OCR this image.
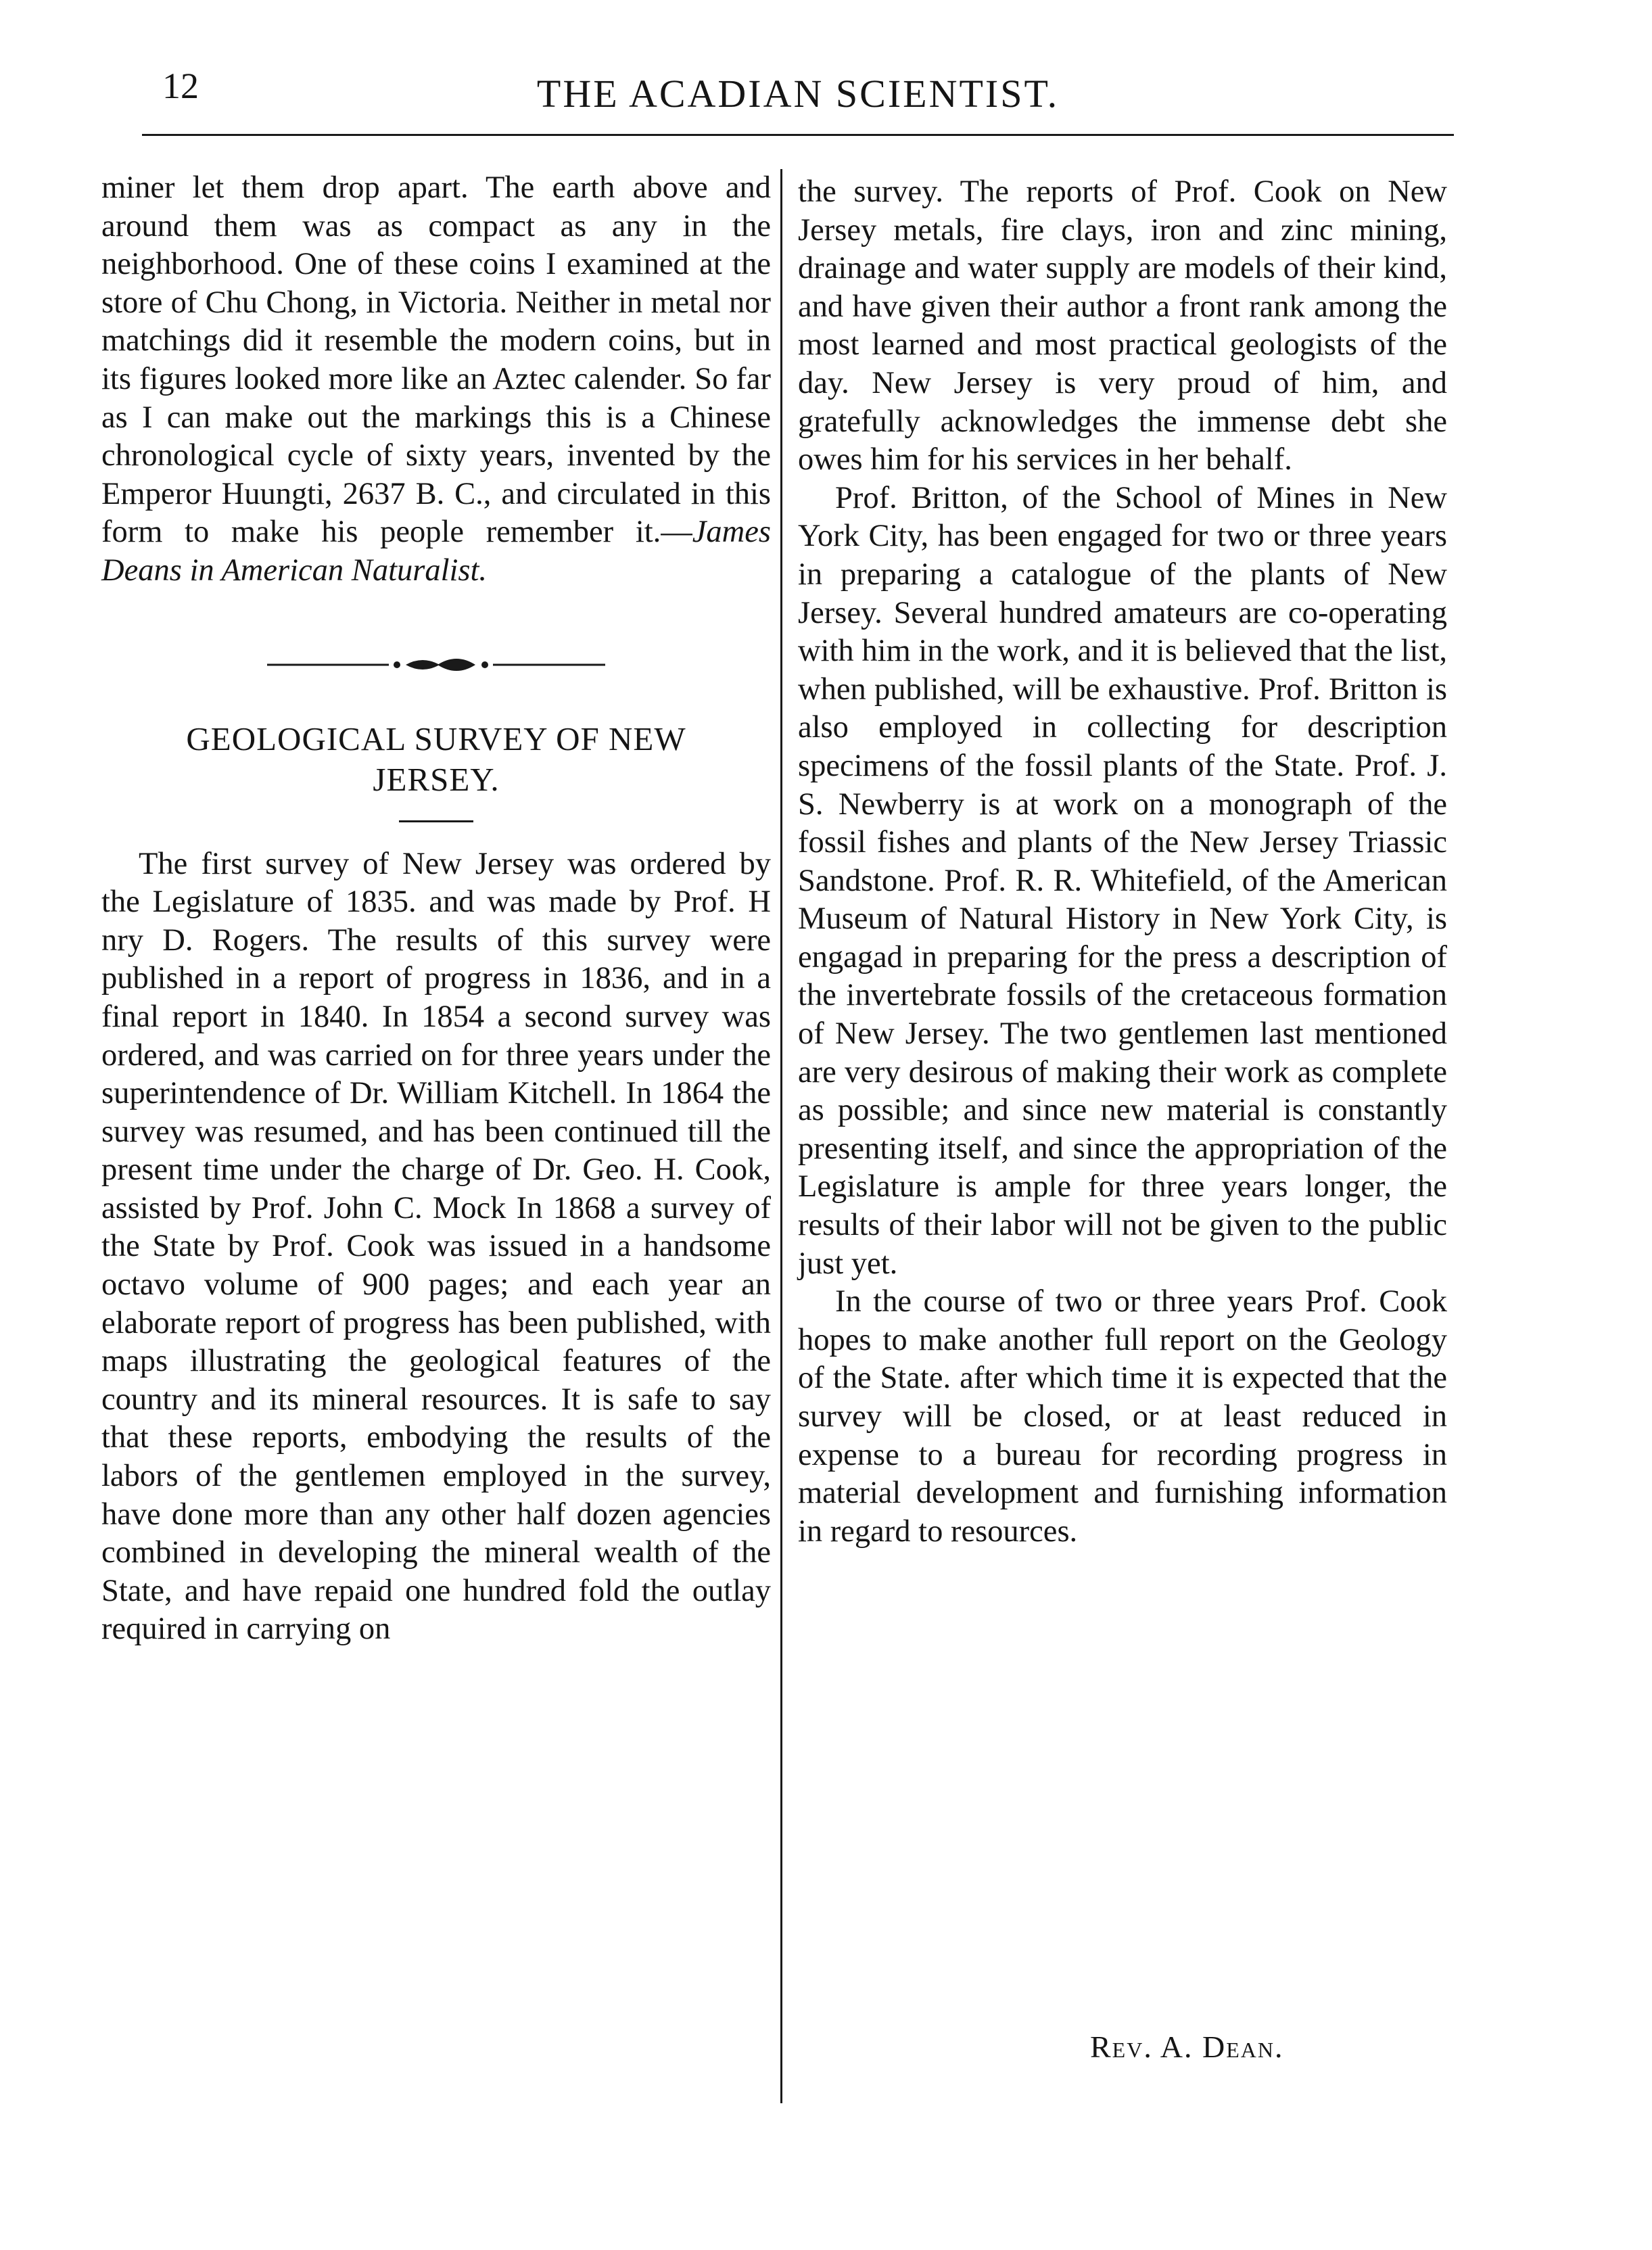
12	THE ACADIAN SCIENTIST.

miner let them drop apart. The earth above and around them was as compact as any in the neighborhood. One of these coins I examined at the store of Chu Chong, in Victoria. Neither in metal nor matchings did it resemble the modern coins, but in its figures looked more like an Aztec calender. So far as I can make out the markings this is a Chinese chronological cycle of sixty years, invented by the Emperor Huungti, 2637 B. C., and circulated in this form to make his people remember it.—James Deans in American Naturalist.

GEOLOGICAL SURVEY OF NEW
JERSEY.

The first survey of New Jersey was ordered by the Legislature of 1835. and was made by Prof. H nry D. Rogers. The results of this survey were published in a report of progress in 1836, and in a final report in 1840. In 1854 a second survey was ordered, and was carried on for three years under the superintendence of Dr. William Kitchell. In 1864 the survey was resumed, and has been continued till the present time under the charge of Dr. Geo. H. Cook, assisted by Prof. John C. Mock In 1868 a survey of the State by Prof. Cook was issued in a handsome octavo volume of 900 pages; and each year an elaborate report of progress has been published, with maps illustrating the geological features of the country and its mineral resources. It is safe to say that these reports, embodying the results of the labors of the gentlemen employed in the survey, have done more than any other half dozen agencies combined in developing the mineral wealth of the State, and have repaid one hundred fold the outlay required in carrying on

the survey. The reports of Prof. Cook on New Jersey metals, fire clays, iron and zinc mining, drainage and water supply are models of their kind, and have given their author a front rank among the most learned and most practical geologists of the day. New Jersey is very proud of him, and gratefully acknowledges the immense debt she owes him for his services in her behalf.

Prof. Britton, of the School of Mines in New York City, has been engaged for two or three years in preparing a catalogue of the plants of New Jersey. Several hundred amateurs are co-operating with him in the work, and it is believed that the list, when published, will be exhaustive. Prof. Britton is also employed in collecting for description specimens of the fossil plants of the State. Prof. J. S. Newberry is at work on a monograph of the fossil fishes and plants of the New Jersey Triassic Sandstone. Prof. R. R. Whitefield, of the American Museum of Natural History in New York City, is engagad in preparing for the press a description of the invertebrate fossils of the cretaceous formation of New Jersey. The two gentlemen last mentioned are very desirous of making their work as complete as possible; and since new material is constantly presenting itself, and since the appropriation of the Legislature is ample for three years longer, the results of their labor will not be given to the public just yet.

In the course of two or three years Prof. Cook hopes to make another full report on the Geology of the State. after which time it is expected that the survey will be closed, or at least reduced in expense to a bureau for recording progress in material development and furnishing information in regard to resources.

Rev. A. Dean.
